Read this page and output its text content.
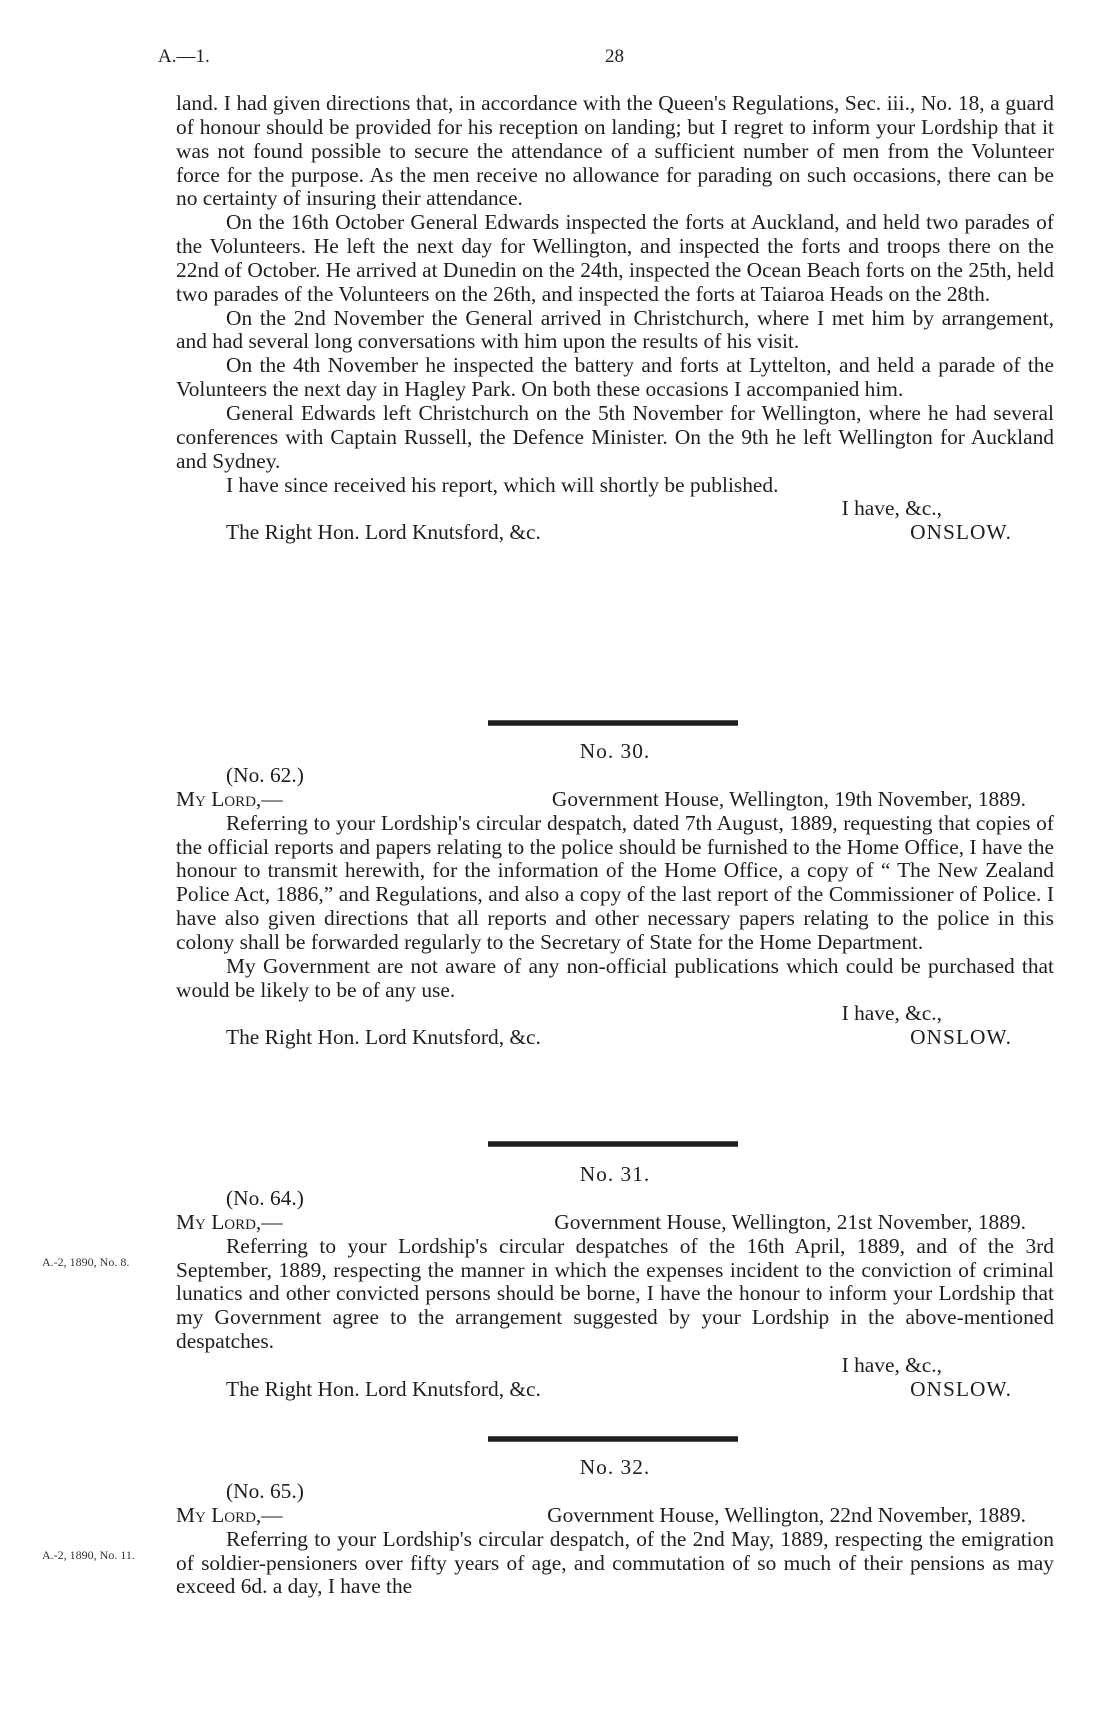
A.—1.	28

land. I had given directions that, in accordance with the Queen's Regulations, Sec. iii., No. 18, a guard of honour should be provided for his reception on landing; but I regret to inform your Lordship that it was not found possible to secure the attendance of a sufficient number of men from the Volunteer force for the purpose. As the men receive no allowance for parading on such occasions, there can be no certainty of insuring their attendance.

On the 16th October General Edwards inspected the forts at Auckland, and held two parades of the Volunteers. He left the next day for Wellington, and inspected the forts and troops there on the 22nd of October. He arrived at Dunedin on the 24th, inspected the Ocean Beach forts on the 25th, held two parades of the Volunteers on the 26th, and inspected the forts at Taiaroa Heads on the 28th.

On the 2nd November the General arrived in Christchurch, where I met him by arrangement, and had several long conversations with him upon the results of his visit.

On the 4th November he inspected the battery and forts at Lyttelton, and held a parade of the Volunteers the next day in Hagley Park. On both these occasions I accompanied him.

General Edwards left Christchurch on the 5th November for Wellington, where he had several conferences with Captain Russell, the Defence Minister. On the 9th he left Wellington for Auckland and Sydney.

I have since received his report, which will shortly be published.

I have, &c.,

The Right Hon. Lord Knutsford, &c.	ONSLOW.

No. 30.

(No. 62.)

My Lord,—	Government House, Wellington, 19th November, 1889.

Referring to your Lordship's circular despatch, dated 7th August, 1889, requesting that copies of the official reports and papers relating to the police should be furnished to the Home Office, I have the honour to transmit herewith, for the information of the Home Office, a copy of “ The New Zealand Police Act, 1886,” and Regulations, and also a copy of the last report of the Commissioner of Police. I have also given directions that all reports and other necessary papers relating to the police in this colony shall be forwarded regularly to the Secretary of State for the Home Department.

My Government are not aware of any non-official publications which could be purchased that would be likely to be of any use.

I have, &c.,

The Right Hon. Lord Knutsford, &c.	ONSLOW.
A.-2, 1890, No. 8.

No. 31.

(No. 64.)

My Lord,—	Government House, Wellington, 21st November, 1889.

Referring to your Lordship's circular despatches of the 16th April, 1889, and of the 3rd September, 1889, respecting the manner in which the expenses incident to the conviction of criminal lunatics and other convicted persons should be borne, I have the honour to inform your Lordship that my Government agree to the arrangement suggested by your Lordship in the above-mentioned despatches.

I have, &c.,

The Right Hon. Lord Knutsford, &c.	ONSLOW.
A.-2, 1890, No. 11.

No. 32.

(No. 65.)

My Lord,—	Government House, Wellington, 22nd November, 1889.

Referring to your Lordship's circular despatch, of the 2nd May, 1889, respecting the emigration of soldier-pensioners over fifty years of age, and commutation of so much of their pensions as may exceed 6d. a day, I have the
